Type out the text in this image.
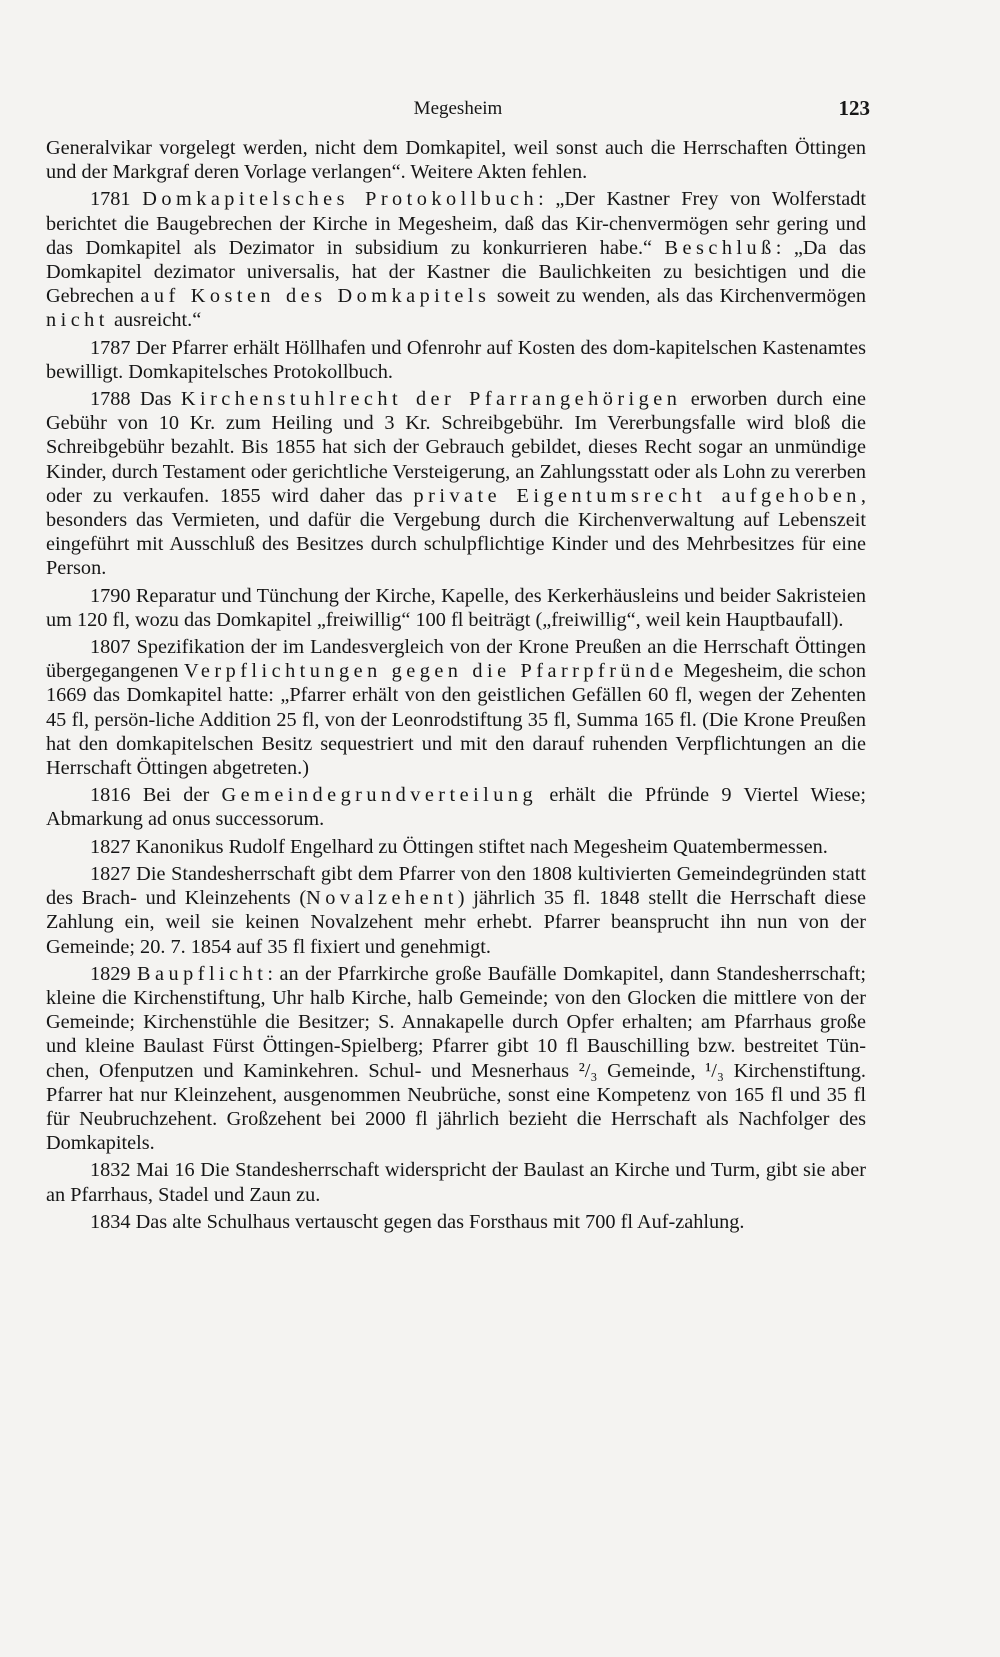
Megesheim	123

Generalvikar vorgelegt werden, nicht dem Domkapitel, weil sonst auch die Herrschaften Öttingen und der Markgraf deren Vorlage verlangen“. Weitere Akten fehlen.

1781 Domkapitelsches Protokollbuch: „Der Kastner Frey von Wolferstadt berichtet die Baugebrechen der Kirche in Megesheim, daß das Kir-chenvermögen sehr gering und das Domkapitel als Dezimator in subsidium zu konkurrieren habe.“ Beschluß: „Da das Domkapitel dezimator universalis, hat der Kastner die Baulichkeiten zu besichtigen und die Gebrechen auf Kosten des Domkapitels soweit zu wenden, als das Kirchenvermögen nicht ausreicht.“

1787 Der Pfarrer erhält Höllhafen und Ofenrohr auf Kosten des dom-kapitelschen Kastenamtes bewilligt. Domkapitelsches Protokollbuch.

1788 Das Kirchenstuhlrecht der Pfarrangehörigen erworben durch eine Gebühr von 10 Kr. zum Heiling und 3 Kr. Schreibgebühr. Im Vererbungsfalle wird bloß die Schreibgebühr bezahlt. Bis 1855 hat sich der Gebrauch gebildet, dieses Recht sogar an unmündige Kinder, durch Testament oder gerichtliche Versteigerung, an Zahlungsstatt oder als Lohn zu vererben oder zu verkaufen. 1855 wird daher das private Eigentumsrecht aufgehoben, besonders das Vermieten, und dafür die Vergebung durch die Kirchenverwaltung auf Lebenszeit eingeführt mit Ausschluß des Besitzes durch schulpflichtige Kinder und des Mehrbesitzes für eine Person.

1790 Reparatur und Tünchung der Kirche, Kapelle, des Kerkerhäusleins und beider Sakristeien um 120 fl, wozu das Domkapitel „freiwillig“ 100 fl beiträgt („freiwillig“, weil kein Hauptbaufall).

1807 Spezifikation der im Landesvergleich von der Krone Preußen an die Herrschaft Öttingen übergegangenen Verpflichtungen gegen die Pfarrpfründe Megesheim, die schon 1669 das Domkapitel hatte: „Pfarrer erhält von den geistlichen Gefällen 60 fl, wegen der Zehenten 45 fl, persön-liche Addition 25 fl, von der Leonrodstiftung 35 fl, Summa 165 fl. (Die Krone Preußen hat den domkapitelschen Besitz sequestriert und mit den darauf ruhenden Verpflichtungen an die Herrschaft Öttingen abgetreten.)

1816 Bei der Gemeindegrundverteilung erhält die Pfründe 9 Viertel Wiese; Abmarkung ad onus successorum.

1827 Kanonikus Rudolf Engelhard zu Öttingen stiftet nach Megesheim Quatembermessen.

1827 Die Standesherrschaft gibt dem Pfarrer von den 1808 kultivierten Gemeindegründen statt des Brach- und Kleinzehents (Novalzehent) jährlich 35 fl. 1848 stellt die Herrschaft diese Zahlung ein, weil sie keinen Novalzehent mehr erhebt. Pfarrer beansprucht ihn nun von der Gemeinde; 20. 7. 1854 auf 35 fl fixiert und genehmigt.

1829 Baupflicht: an der Pfarrkirche große Baufälle Domkapitel, dann Standesherrschaft; kleine die Kirchenstiftung, Uhr halb Kirche, halb Gemeinde; von den Glocken die mittlere von der Gemeinde; Kirchenstühle die Besitzer; S. Annakapelle durch Opfer erhalten; am Pfarrhaus große und kleine Baulast Fürst Öttingen-Spielberg; Pfarrer gibt 10 fl Bauschilling bzw. bestreitet Tün-chen, Ofenputzen und Kaminkehren. Schul- und Mesnerhaus ²/₃ Gemeinde, ¹/₃ Kirchenstiftung. Pfarrer hat nur Kleinzehent, ausgenommen Neubrüche, sonst eine Kompetenz von 165 fl und 35 fl für Neubruchzehent. Großzehent bei 2000 fl jährlich bezieht die Herrschaft als Nachfolger des Domkapitels.

1832 Mai 16 Die Standesherrschaft widerspricht der Baulast an Kirche und Turm, gibt sie aber an Pfarrhaus, Stadel und Zaun zu.

1834 Das alte Schulhaus vertauscht gegen das Forsthaus mit 700 fl Auf-zahlung.
